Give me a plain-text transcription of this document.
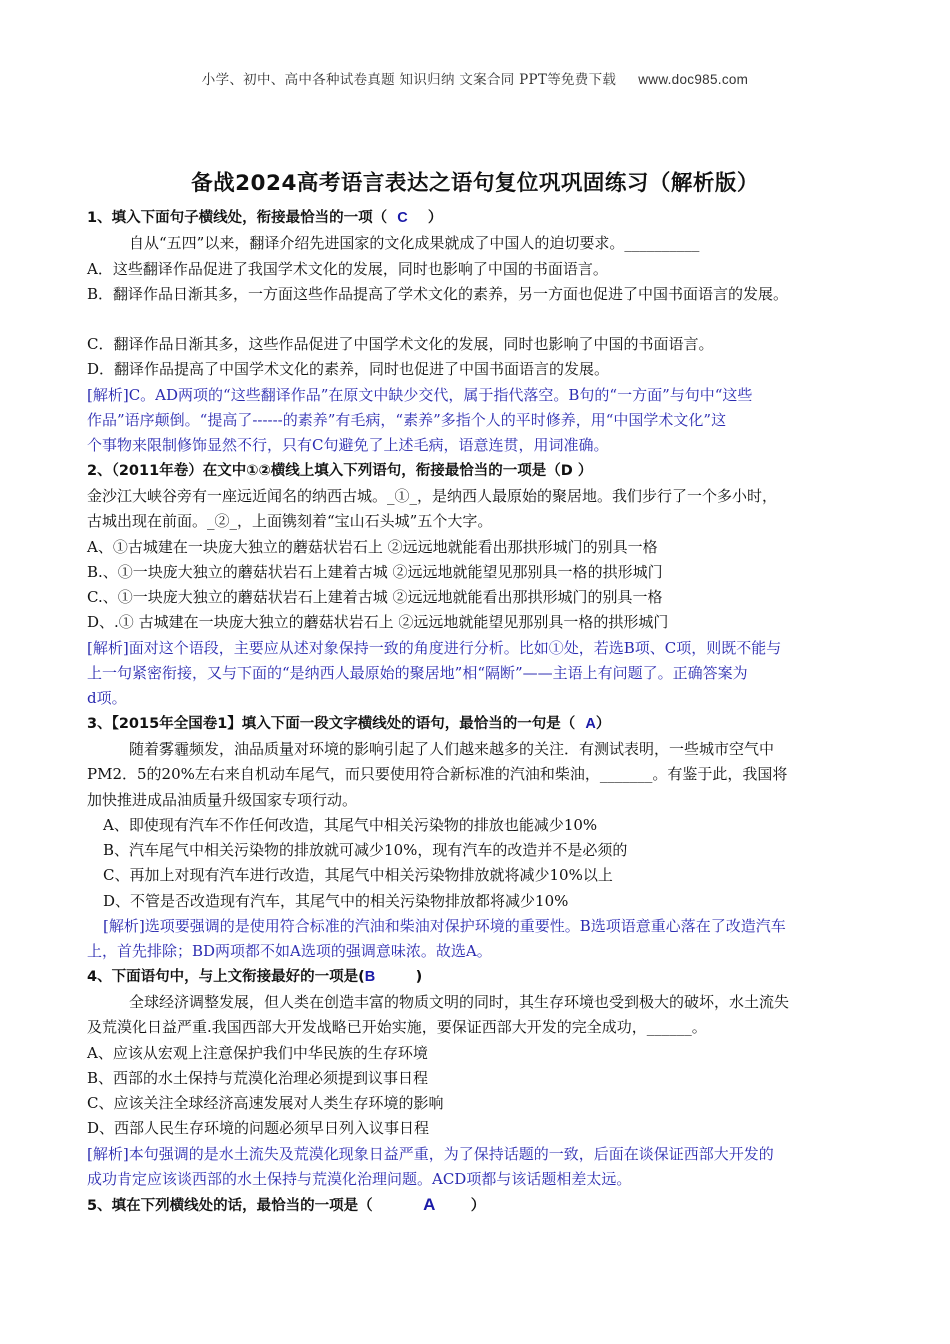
小学、初中、高中各种试卷真题 知识归纳 文案合同 PPT等免费下载 www.doc985.com
备战2024高考语言表达之语句复位巩巩固练习（解析版）
1、填入下面句子横线处，衔接最恰当的一项（ C ）
自从“五四”以来，翻译介绍先进国家的文化成果就成了中国人的迫切要求。__________
A．这些翻译作品促进了我国学术文化的发展，同时也影响了中国的书面语言。
B．翻译作品日渐其多，一方面这些作品提高了学术文化的素养，另一方面也促进了中国书面语言的发展。
C．翻译作品日渐其多，这些作品促进了中国学术文化的发展，同时也影响了中国的书面语言。
D．翻译作品提高了中国学术文化的素养，同时也促进了中国书面语言的发展。
[解析]C。AD两项的“这些翻译作品”在原文中缺少交代，属于指代落空。B句的“一方面”与句中“这些
作品”语序颠倒。“提高了------的素养”有毛病，“素养”多指个人的平时修养，用“中国学术文化”这
个事物来限制修饰显然不行，只有C句避免了上述毛病，语意连贯，用词准确。
2、（2011年卷）在文中①②横线上填入下列语句，衔接最恰当的一项是（D ）
金沙江大峡谷旁有一座远近闻名的纳西古城。_①_，是纳西人最原始的聚居地。我们步行了一个多小时，
古城出现在前面。_②_，上面镌刻着“宝山石头城”五个大字。
A、①古城建在一块庞大独立的蘑菇状岩石上 ②远远地就能看出那拱形城门的别具一格
B.、①一块庞大独立的蘑菇状岩石上建着古城 ②远远地就能望见那别具一格的拱形城门
C.、①一块庞大独立的蘑菇状岩石上建着古城 ②远远地就能看出那拱形城门的别具一格
D、.① 古城建在一块庞大独立的蘑菇状岩石上 ②远远地就能望见那别具一格的拱形城门
[解析]面对这个语段，主要应从述对象保持一致的角度进行分析。比如①处，若选B项、C项，则既不能与
上一句紧密衔接，又与下面的“是纳西人最原始的聚居地”相“隔断”——主语上有问题了。正确答案为
d项。
3、【2015年全国卷1】填入下面一段文字横线处的语句，最恰当的一句是（ A）
随着雾霾频发，油品质量对环境的影响引起了人们越来越多的关注．有测试表明，一些城市空气中
PM2．5的20%左右来自机动车尾气，而只要使用符合新标准的汽油和柴油，_______。有鉴于此，我国将
加快推进成品油质量升级国家专项行动。
A、即使现有汽车不作任何改造，其尾气中相关污染物的排放也能减少10%
B、汽车尾气中相关污染物的排放就可减少10%，现有汽车的改造并不是必须的
C、再加上对现有汽车进行改造，其尾气中相关污染物排放就将减少10%以上
D、不管是否改造现有汽车，其尾气中的相关污染物排放都将减少10%
[解析]选项要强调的是使用符合标准的汽油和柴油对保护环境的重要性。B选项语意重心落在了改造汽车
上，首先排除；BD两项都不如A选项的强调意味浓。故选A。
4、下面语句中，与上文衔接最好的一项是(B	)
全球经济调整发展，但人类在创造丰富的物质文明的同时，其生存环境也受到极大的破坏，水土流失
及荒漠化日益严重.我国西部大开发战略已开始实施，要保证西部大开发的完全成功，______。
A、应该从宏观上注意保护我们中华民族的生存环境
B、西部的水土保持与荒漠化治理必须提到议事日程
C、应该关注全球经济高速发展对人类生存环境的影响
D、西部人民生存环境的问题必须早日列入议事日程
[解析]本句强调的是水土流失及荒漠化现象日益严重，为了保持话题的一致，后面在谈保证西部大开发的
成功肯定应该谈西部的水土保持与荒漠化治理问题。ACD项都与该话题相差太远。
5、填在下列横线处的话，最恰当的一项是（	A ）
